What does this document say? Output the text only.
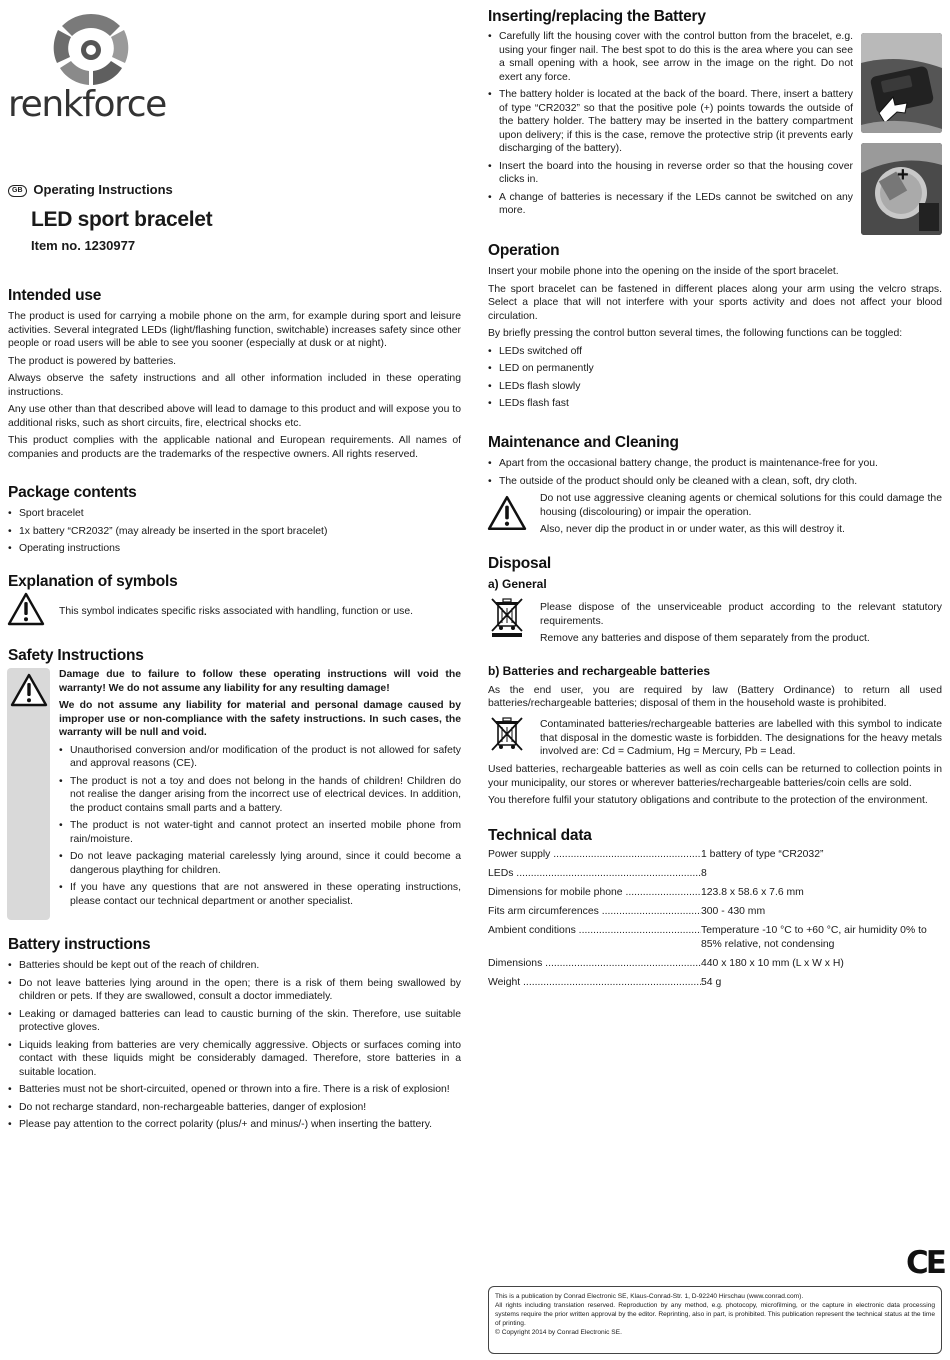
renkforce
GB Operating Instructions
LED sport bracelet
Item no. 1230977
Intended use

The product is used for carrying a mobile phone on the arm, for example during sport and leisure activities. Several integrated LEDs (light/flashing function, switchable) increases safety since other people or road users will be able to see you sooner (especially at dusk or at night).

The product is powered by batteries.

Always observe the safety instructions and all other information included in these operating instructions.

Any use other than that described above will lead to damage to this product and will expose you to additional risks, such as short circuits, fire, electrical shocks etc.

This product complies with the applicable national and European requirements. All names of companies and products are the trademarks of the respective owners. All rights reserved.

Package contents
• Sport bracelet
• 1x battery “CR2032” (may already be inserted in the sport bracelet)
• Operating instructions
Explanation of symbols

This symbol indicates specific risks associated with handling, function or use.

Safety Instructions

Damage due to failure to follow these operating instructions will void the warranty! We do not assume any liability for any resulting damage!

We do not assume any liability for material and personal damage caused by improper use or non-compliance with the safety instructions. In such cases, the warranty will be null and void.

• Unauthorised conversion and/or modification of the product is not allowed for safety and approval reasons (CE).
• The product is not a toy and does not belong in the hands of children! Children do not realise the danger arising from the incorrect use of electrical devices. In addition, the product contains small parts and a battery.
• The product is not water-tight and cannot protect an inserted mobile phone from rain/moisture.
• Do not leave packaging material carelessly lying around, since it could become a dangerous plaything for children.
• If you have any questions that are not answered in these operating instructions, please contact our technical department or another specialist.
Battery instructions
• Batteries should be kept out of the reach of children.
• Do not leave batteries lying around in the open; there is a risk of them being swallowed by children or pets. If they are swallowed, consult a doctor immediately.
• Leaking or damaged batteries can lead to caustic burning of the skin. Therefore, use suitable protective gloves.
• Liquids leaking from batteries are very chemically aggressive. Objects or surfaces coming into contact with these liquids might be considerably damaged. Therefore, store batteries in a suitable location.
• Batteries must not be short-circuited, opened or thrown into a fire. There is a risk of explosion!
• Do not recharge standard, non-rechargeable batteries, danger of explosion!
• Please pay attention to the correct polarity (plus/+ and minus/-) when inserting the battery.
Inserting/replacing the Battery
• Carefully lift the housing cover with the control button from the bracelet, e.g. using your finger nail. The best spot to do this is the area where you can see a small opening with a hook, see arrow in the image on the right. Do not exert any force.
• The battery holder is located at the back of the board. There, insert a battery of type “CR2032” so that the positive pole (+) points towards the outside of the battery holder. The battery may be inserted in the battery compartment upon delivery; if this is the case, remove the protective strip (it prevents early discharging of the battery).
• Insert the board into the housing in reverse order so that the housing cover clicks in.
• A change of batteries is necessary if the LEDs cannot be switched on any more.
+
Operation

Insert your mobile phone into the opening on the inside of the sport bracelet.

The sport bracelet can be fastened in different places along your arm using the velcro straps. Select a place that will not interfere with your sports activity and does not affect your blood circulation.

By briefly pressing the control button several times, the following functions can be toggled:

• LEDs switched off
• LED on permanently
• LEDs flash slowly
• LEDs flash fast
Maintenance and Cleaning
• Apart from the occasional battery change, the product is maintenance-free for you.
• The outside of the product should only be cleaned with a clean, soft, dry cloth.

Do not use aggressive cleaning agents or chemical solutions for this could damage the housing (discolouring) or impair the operation.

Also, never dip the product in or under water, as this will destroy it.

Disposal
a) General

Please dispose of the unserviceable product according to the relevant statutory requirements.

Remove any batteries and dispose of them separately from the product.

b) Batteries and rechargeable batteries

As the end user, you are required by law (Battery Ordinance) to return all used batteries/rechargeable batteries; disposal of them in the household waste is prohibited.

Contaminated batteries/rechargeable batteries are labelled with this symbol to indicate that disposal in the domestic waste is forbidden. The designations for the heavy metals involved are: Cd = Cadmium, Hg = Mercury, Pb = Lead.

Used batteries, rechargeable batteries as well as coin cells can be returned to collection points in your municipality, our stores or wherever batteries/rechargeable batteries/coin cells are sold.

You therefore fulfil your statutory obligations and contribute to the protection of the environment.

Technical data
Power supply .....	1 battery of type “CR2032”
LEDs .....	8
Dimensions for mobile phone .....	123.8 x 58.6 x 7.6 mm
Fits arm circumferences .....	300 - 430 mm
Ambient conditions .....	Temperature -10 °C to +60 °C, air humidity 0% to 85% relative, not condensing
Dimensions .....	440 x 180 x 10 mm (L x W x H)
Weight .....	54 g
CE

This is a publication by Conrad Electronic SE, Klaus-Conrad-Str. 1, D-92240 Hirschau (www.conrad.com).

All rights including translation reserved. Reproduction by any method, e.g. photocopy, microfilming, or the capture in electronic data processing systems require the prior written approval by the editor. Reprinting, also in part, is prohibited. This publication represent the technical status at the time of printing.

© Copyright 2014 by Conrad Electronic SE.
